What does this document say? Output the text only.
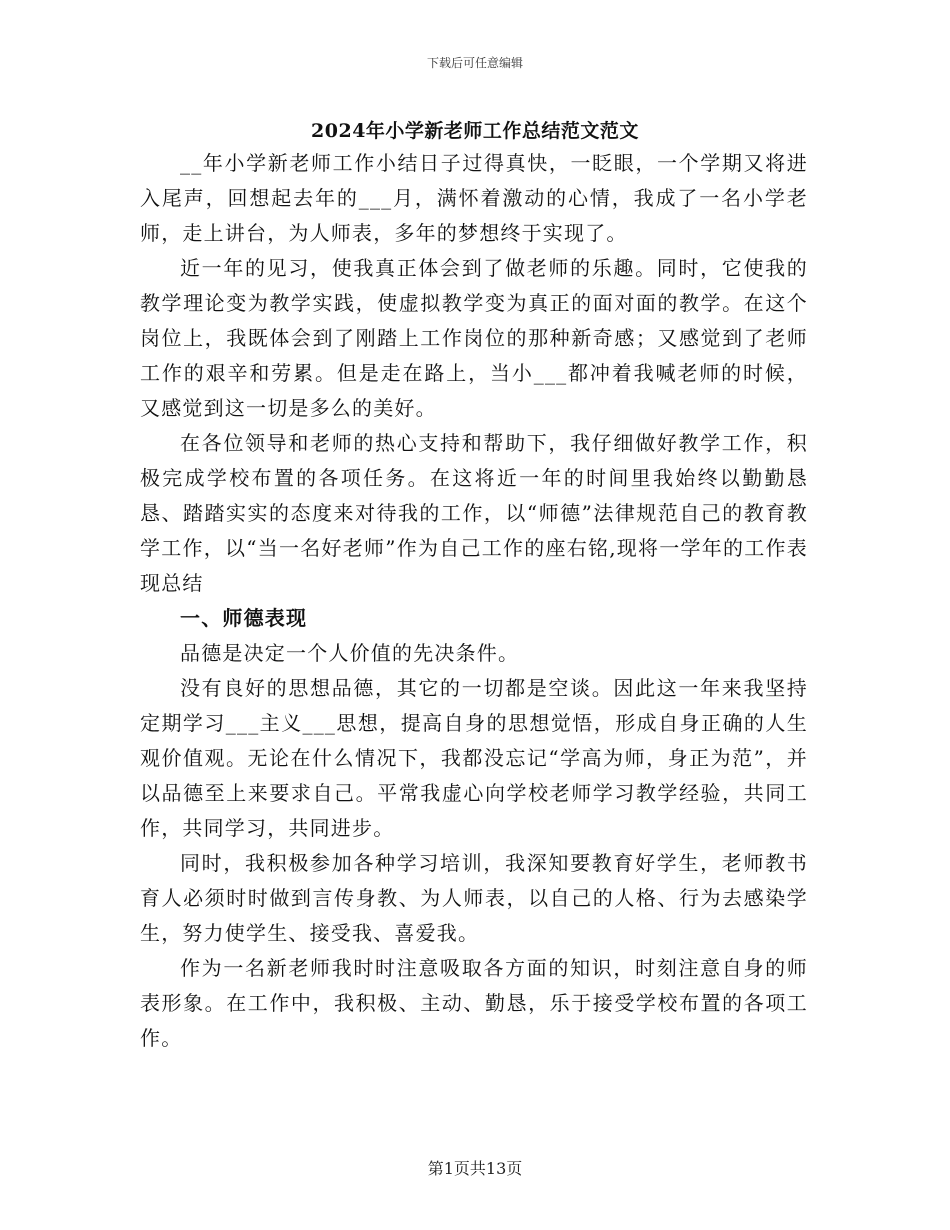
下载后可任意编辑
2024年小学新老师工作总结范文范文

__年小学新老师工作小结日子过得真快，一眨眼，一个学期又将进入尾声，回想起去年的___月，满怀着激动的心情，我成了一名小学老师，走上讲台，为人师表，多年的梦想终于实现了。

近一年的见习，使我真正体会到了做老师的乐趣。同时，它使我的教学理论变为教学实践，使虚拟教学变为真正的面对面的教学。在这个岗位上，我既体会到了刚踏上工作岗位的那种新奇感；又感觉到了老师工作的艰辛和劳累。但是走在路上，当小___都冲着我喊老师的时候，又感觉到这一切是多么的美好。

在各位领导和老师的热心支持和帮助下，我仔细做好教学工作，积极完成学校布置的各项任务。在这将近一年的时间里我始终以勤勤恳恳、踏踏实实的态度来对待我的工作，以“师德”法律规范自己的教育教学工作，以“当一名好老师”作为自己工作的座右铭,现将一学年的工作表现总结

一、师德表现

品德是决定一个人价值的先决条件。

没有良好的思想品德，其它的一切都是空谈。因此这一年来我坚持定期学习___主义___思想，提高自身的思想觉悟，形成自身正确的人生观价值观。无论在什么情况下，我都没忘记“学高为师，身正为范”，并以品德至上来要求自己。平常我虚心向学校老师学习教学经验，共同工作，共同学习，共同进步。

同时，我积极参加各种学习培训，我深知要教育好学生，老师教书育人必须时时做到言传身教、为人师表，以自己的人格、行为去感染学生，努力使学生、接受我、喜爱我。

作为一名新老师我时时注意吸取各方面的知识，时刻注意自身的师表形象。在工作中，我积极、主动、勤恳，乐于接受学校布置的各项工作。

第1页共13页
